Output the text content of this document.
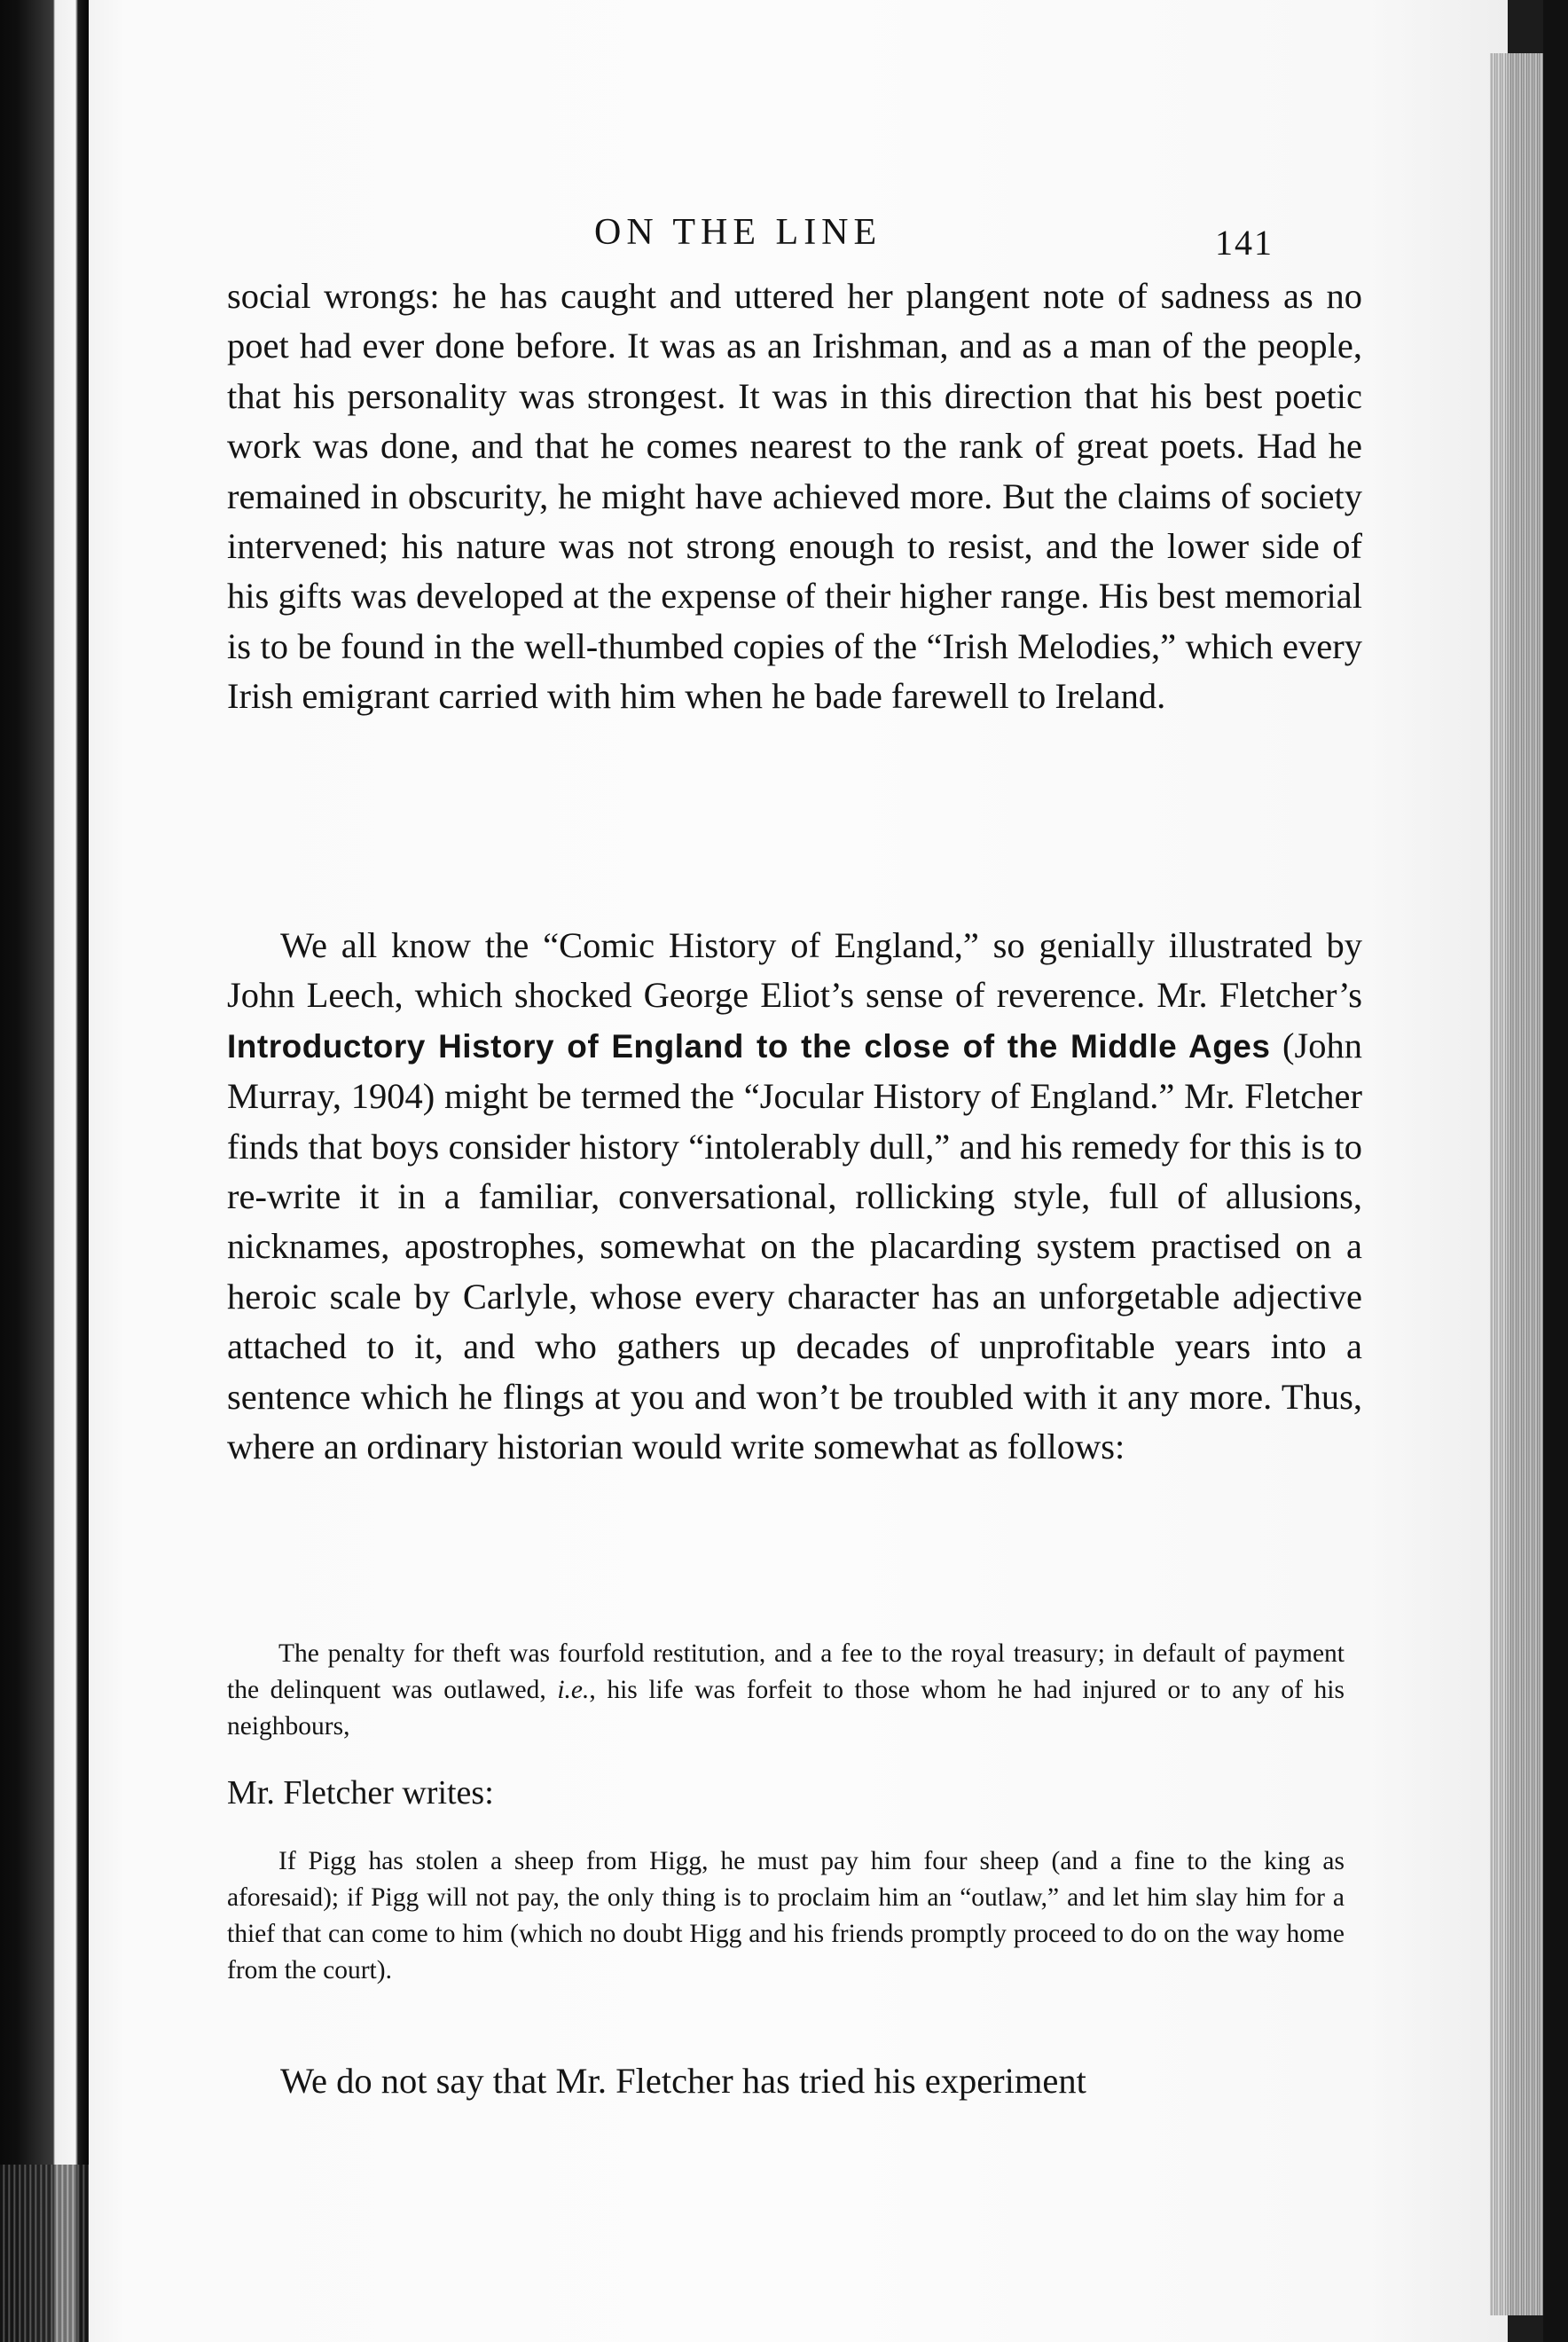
ON THE LINE	141

social wrongs: he has caught and uttered her plangent note of sadness as no poet had ever done before. It was as an Irishman, and as a man of the people, that his personality was strongest. It was in this direction that his best poetic work was done, and that he comes nearest to the rank of great poets. Had he remained in obscurity, he might have achieved more. But the claims of society intervened; his nature was not strong enough to resist, and the lower side of his gifts was developed at the expense of their higher range. His best memorial is to be found in the well-thumbed copies of the “Irish Melodies,” which every Irish emigrant carried with him when he bade farewell to Ireland.

We all know the “Comic History of England,” so genially illustrated by John Leech, which shocked George Eliot’s sense of reverence. Mr. Fletcher’s Introductory History of England to the close of the Middle Ages (John Murray, 1904) might be termed the “Jocular History of England.” Mr. Fletcher finds that boys consider history “intolerably dull,” and his remedy for this is to re-write it in a familiar, conversational, rollicking style, full of allusions, nicknames, apostrophes, somewhat on the placarding system practised on a heroic scale by Carlyle, whose every character has an unforgetable adjective attached to it, and who gathers up decades of unprofitable years into a sentence which he flings at you and won’t be troubled with it any more. Thus, where an ordinary historian would write somewhat as follows:

The penalty for theft was fourfold restitution, and a fee to the royal treasury; in default of payment the delinquent was outlawed, i.e., his life was forfeit to those whom he had injured or to any of his neighbours,

Mr. Fletcher writes:

If Pigg has stolen a sheep from Higg, he must pay him four sheep (and a fine to the king as aforesaid); if Pigg will not pay, the only thing is to proclaim him an “outlaw,” and let him slay him for a thief that can come to him (which no doubt Higg and his friends promptly proceed to do on the way home from the court).

We do not say that Mr. Fletcher has tried his experiment
